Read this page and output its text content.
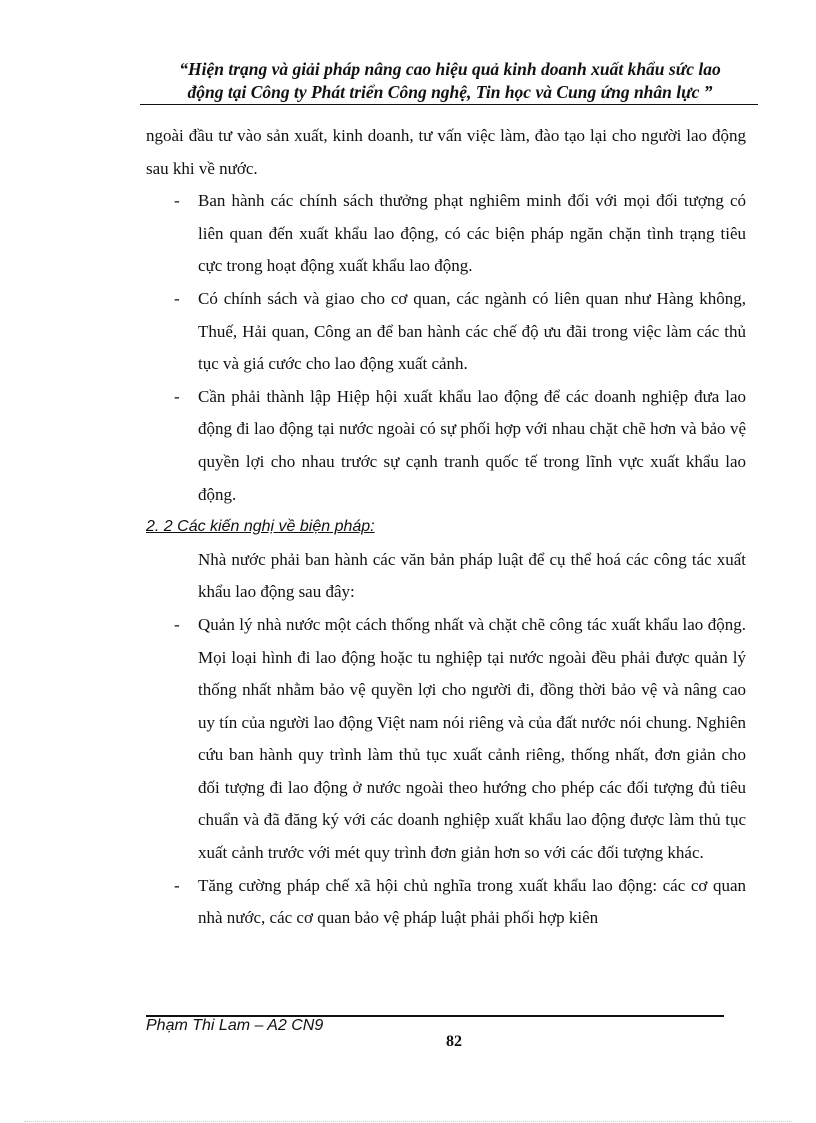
“Hiện trạng và giải pháp nâng cao hiệu quả kinh doanh xuất khẩu sức lao
động tại Công ty Phát triển Công nghệ, Tin học và Cung ứng nhân lực ”

ngoài đầu tư vào sản xuất, kinh doanh, tư vấn việc làm, đào tạo lại cho người lao động sau khi về nước.

- Ban hành các chính sách thưởng phạt nghiêm minh đối với mọi đối tượng có liên quan đến xuất khẩu lao động, có các biện pháp ngăn chặn tình trạng tiêu cực trong hoạt động xuất khẩu lao động.

- Có chính sách và giao cho cơ quan, các ngành có liên quan như Hàng không, Thuế, Hải quan, Công an để ban hành các chế độ ưu đãi trong việc làm các thủ tục và giá cước cho lao động xuất cảnh.

- Cần phải thành lập Hiệp hội xuất khẩu lao động để các doanh nghiệp đưa lao động đi lao động tại nước ngoài có sự phối hợp với nhau chặt chẽ hơn và bảo vệ quyền lợi cho nhau trước sự cạnh tranh quốc tế trong lĩnh vực xuất khẩu lao động.

2. 2 Các kiến nghị về biện pháp:

Nhà nước phải ban hành các văn bản pháp luật để cụ thể hoá các công tác xuất khẩu lao động sau đây:

- Quản lý nhà nước một cách thống nhất và chặt chẽ công tác xuất khẩu lao động. Mọi loại hình đi lao động hoặc tu nghiệp tại nước ngoài đều phải được quản lý thống nhất nhằm bảo vệ quyền lợi cho người đi, đồng thời bảo vệ và nâng cao uy tín của người lao động Việt nam nói riêng và của đất nước nói chung. Nghiên cứu ban hành quy trình làm thủ tục xuất cảnh riêng, thống nhất, đơn giản cho đối tượng đi lao động ở nước ngoài theo hướng cho phép các đối tượng đủ tiêu chuẩn và đã đăng ký với các doanh nghiệp xuất khẩu lao động được làm thủ tục xuất cảnh trước với mét quy trình đơn giản hơn so với các đối tượng khác.

- Tăng cường pháp chế xã hội chủ nghĩa trong xuất khẩu lao động: các cơ quan nhà nước, các cơ quan bảo vệ pháp luật phải phối hợp kiên

Phạm Thi Lam – A2 CN9
82
